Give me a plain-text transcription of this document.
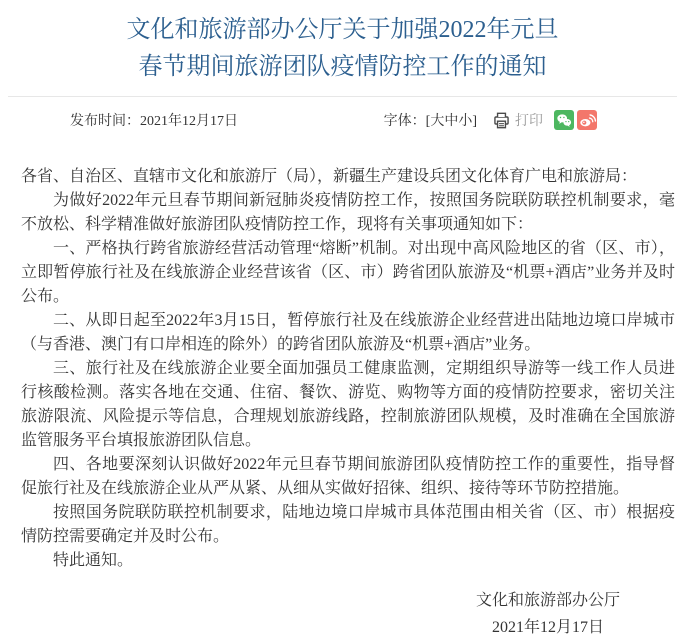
文化和旅游部办公厅关于加强2022年元旦
春节期间旅游团队疫情防控工作的通知
发布时间：2021年12月17日	字体：[大中小]	打印

各省、自治区、直辖市文化和旅游厅（局），新疆生产建设兵团文化体育广电和旅游局：

为做好2022年元旦春节期间新冠肺炎疫情防控工作，按照国务院联防联控机制要求，毫不放松、科学精准做好旅游团队疫情防控工作，现将有关事项通知如下：

一、严格执行跨省旅游经营活动管理“熔断”机制。对出现中高风险地区的省（区、市），立即暂停旅行社及在线旅游企业经营该省（区、市）跨省团队旅游及“机票+酒店”业务并及时公布。

二、从即日起至2022年3月15日，暂停旅行社及在线旅游企业经营进出陆地边境口岸城市（与香港、澳门有口岸相连的除外）的跨省团队旅游及“机票+酒店”业务。

三、旅行社及在线旅游企业要全面加强员工健康监测，定期组织导游等一线工作人员进行核酸检测。落实各地在交通、住宿、餐饮、游览、购物等方面的疫情防控要求，密切关注旅游限流、风险提示等信息，合理规划旅游线路，控制旅游团队规模，及时准确在全国旅游监管服务平台填报旅游团队信息。

四、各地要深刻认识做好2022年元旦春节期间旅游团队疫情防控工作的重要性，指导督促旅行社及在线旅游企业从严从紧、从细从实做好招徕、组织、接待等环节防控措施。

按照国务院联防联控机制要求，陆地边境口岸城市具体范围由相关省（区、市）根据疫情防控需要确定并及时公布。

特此通知。

文化和旅游部办公厅
2021年12月17日
